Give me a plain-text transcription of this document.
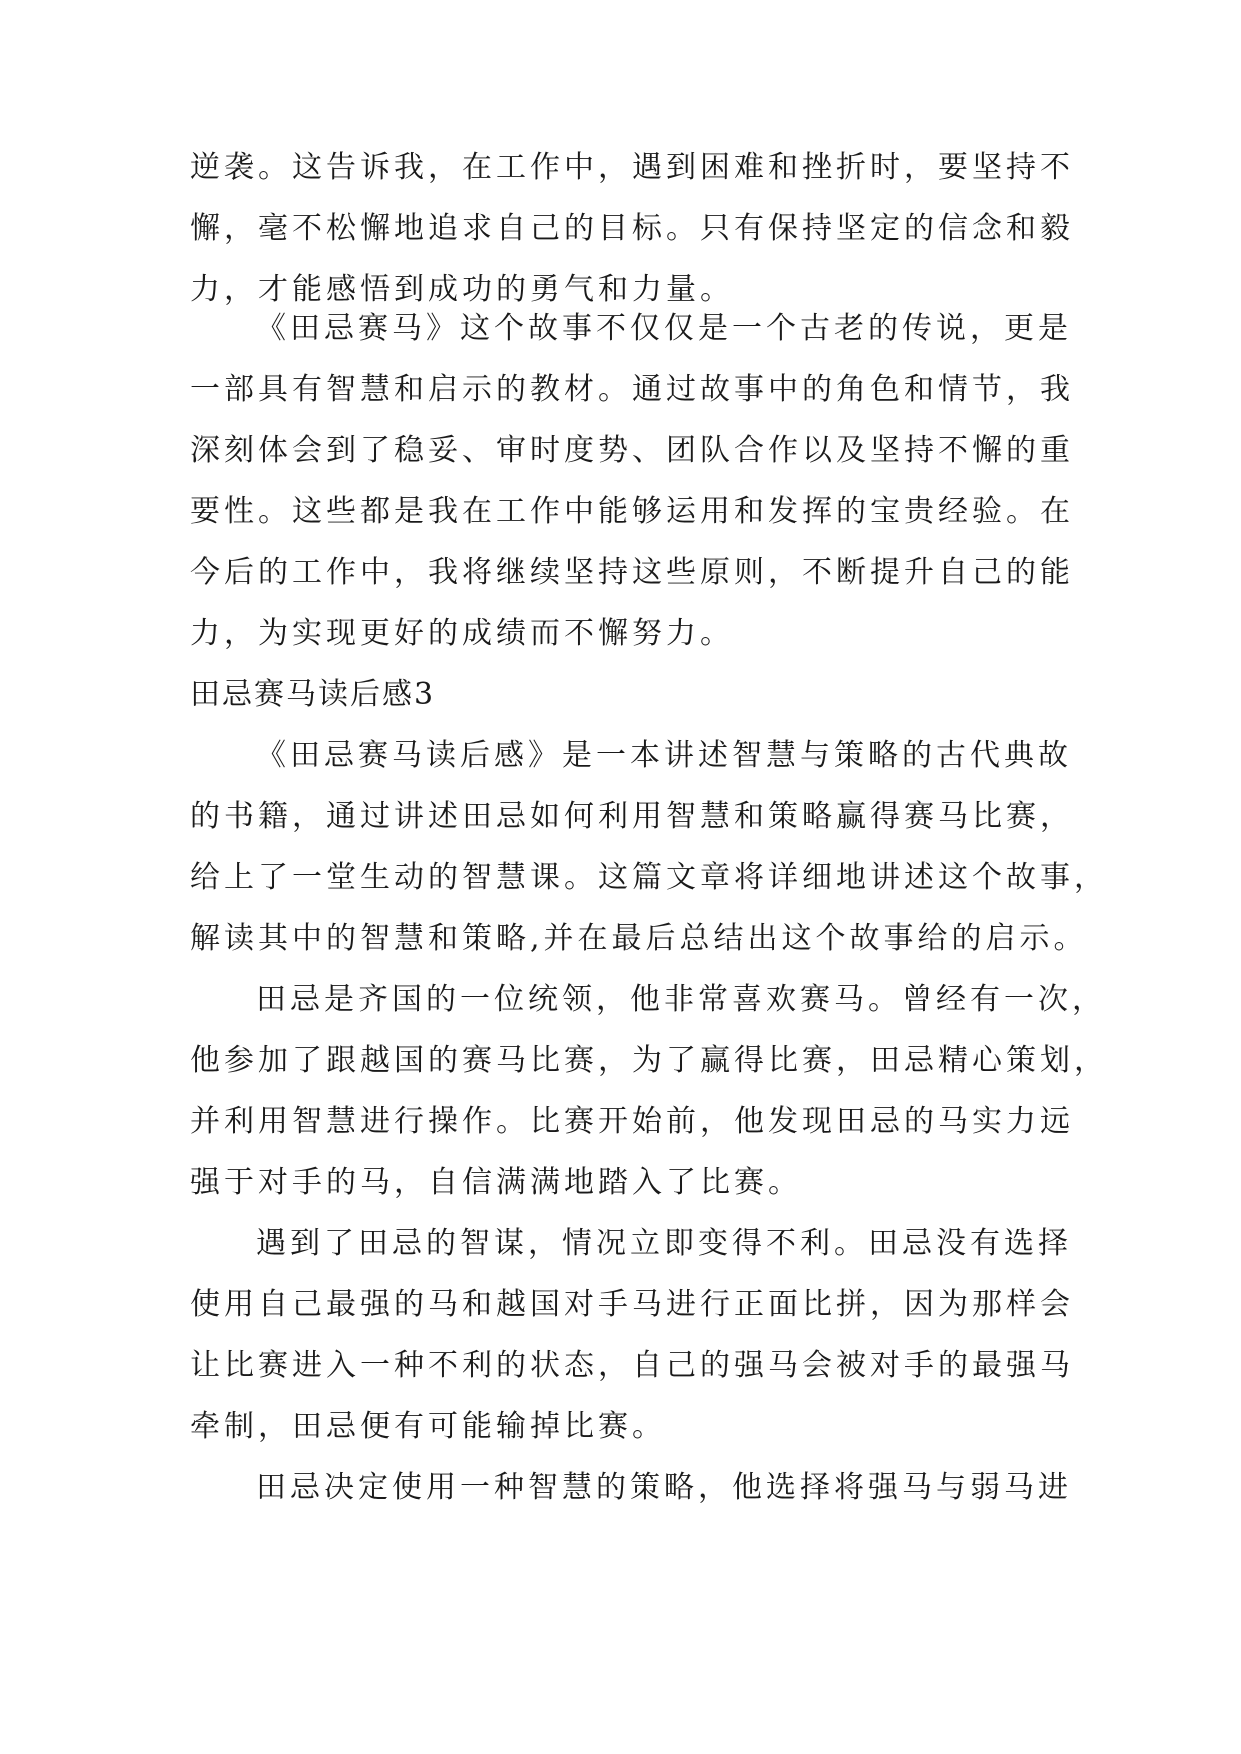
逆袭。这告诉我，在工作中，遇到困难和挫折时，要坚持不
懈，毫不松懈地追求自己的目标。只有保持坚定的信念和毅
力，才能感悟到成功的勇气和力量。
《田忌赛马》这个故事不仅仅是一个古老的传说，更是
一部具有智慧和启示的教材。通过故事中的角色和情节，我
深刻体会到了稳妥、审时度势、团队合作以及坚持不懈的重
要性。这些都是我在工作中能够运用和发挥的宝贵经验。在
今后的工作中，我将继续坚持这些原则，不断提升自己的能
力，为实现更好的成绩而不懈努力。
田忌赛马读后感3
《田忌赛马读后感》是一本讲述智慧与策略的古代典故
的书籍，通过讲述田忌如何利用智慧和策略赢得赛马比赛，
给上了一堂生动的智慧课。这篇文章将详细地讲述这个故事，
解读其中的智慧和策略,并在最后总结出这个故事给的启示。
田忌是齐国的一位统领，他非常喜欢赛马。曾经有一次，
他参加了跟越国的赛马比赛，为了赢得比赛，田忌精心策划，
并利用智慧进行操作。比赛开始前，他发现田忌的马实力远
强于对手的马，自信满满地踏入了比赛。
遇到了田忌的智谋，情况立即变得不利。田忌没有选择
使用自己最强的马和越国对手马进行正面比拼，因为那样会
让比赛进入一种不利的状态，自己的强马会被对手的最强马
牵制，田忌便有可能输掉比赛。
田忌决定使用一种智慧的策略，他选择将强马与弱马进
